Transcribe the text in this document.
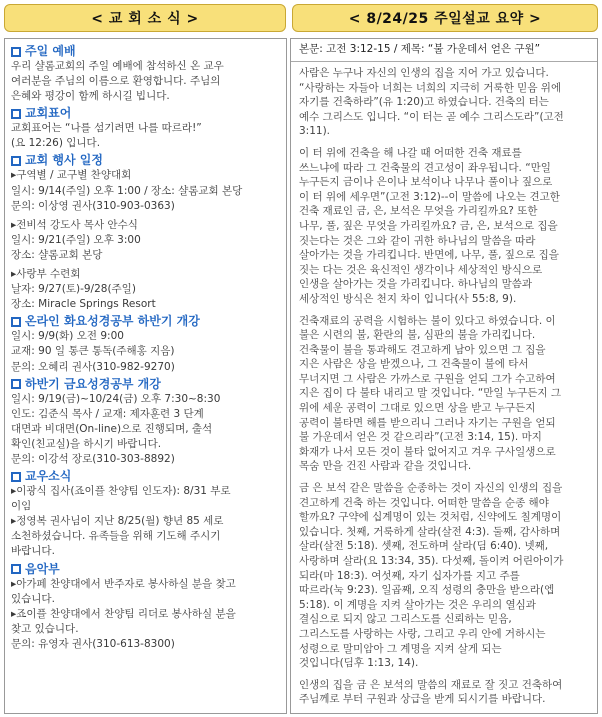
< 교 회 소 식 >	< 8/24/25 주일설교 요약 >
주일 예배
우리 샬롬교회의 주일 예배에 참석하신 온 교우
여러분을 주님의 이름으로 환영합니다. 주님의
은혜와 평강이 함께 하시길 빕니다.
교회표어
교회표어는 “나를 섬기려면 나를 따르라!”
(요 12:26) 입니다.
교회 행사 일정
▸구역별 / 교구별 찬양대회
일시: 9/14(주일) 오후 1:00 / 장소: 샬롬교회 본당
문의: 이상영 권사(310-903-0363)
▸전비석 강도사 목사 안수식
일시: 9/21(주일) 오후 3:00
장소: 샬롬교회 본당
▸사랑부 수련회
날자: 9/27(토)-9/28(주일)
장소: Miracle Springs Resort
온라인 화요성경공부 하반기 개강
일시: 9/9(화) 오전 9:00
교재: 90 일 통큰 통독(주해홍 지음)
문의: 오혜리 권사(310-982-9270)
하반기 금요성경공부 개강
일시: 9/19(금)~10/24(금) 오후 7:30~8:30
인도: 김준식 목사 / 교재: 제자훈련 3 단계
대면과 비대면(On-line)으로 진행되며, 출석
확인(친교실)을 하시기 바랍니다.
문의: 이강석 장로(310-303-8892)
교우소식
▸이광식 집사(죠이플 찬양팀 인도자): 8/31 부로
이임
▸정영복 권사님이 지난 8/25(월) 향년 85 세로
소천하셨습니다. 유족들을 위해 기도해 주시기
바랍니다.
음악부
▸아가페 찬양대에서 반주자로 봉사하실 분을 찾고
있습니다.
▸죠이플 찬양대에서 찬양팀 리더로 봉사하실 분을
찾고 있습니다.
문의: 유영자 권사(310-613-8300)
본문: 고전 3:12-15 / 제목: “불 가운데서 얻은 구원”
사람은 누구나 자신의 인생의 집을 지어 가고 있습니다.
“사랑하는 자들아 너희는 너희의 지극히 거룩한 믿음 위에
자기를 건축하라”(유 1:20)고 하였습니다. 건축의 터는
예수 그리스도 입니다. “이 터는 곧 예수 그리스도라”(고전
3:11).
이 터 위에 건축을 해 나갈 때 어떠한 건축 재료를
쓰느냐에 따라 그 건축물의 견고성이 좌우됩니다. “만일
누구든지 금이나 은이나 보석이나 나무나 풀이나 짚으로
이 터 위에 세우면”(고전 3:12)--이 말씀에 나오는 견고한
건축 재료인 금, 은, 보석은 무엇을 가리킬까요? 또한
나무, 풀, 짚은 무엇을 가리킬까요? 금, 은, 보석으로 집을
짓는다는 것은 그와 같이 귀한 하나님의 말씀을 따라
살아가는 것을 가리킵니다. 반면에, 나무, 풀, 짚으로 집을
짓는 다는 것은 육신적인 생각이나 세상적인 방식으로
인생을 살아가는 것을 가리킵니다. 하나님의 말씀과
세상적인 방식은 천지 차이 입니다(사 55:8, 9).
건축재료의 공력을 시험하는 불이 있다고 하였습니다. 이
불은 시련의 불, 환란의 불, 심판의 불을 가리킵니다.
건축물이 불을 통과해도 견고하게 남아 있으면 그 집을
지은 사람은 상을 받겠으나, 그 건축물이 불에 타서
무너지면 그 사람은 가까스로 구원을 얻되 그가 수고하여
지은 집이 다 불타 내리고 말 것입니다. “만일 누구든지 그
위에 세운 공력이 그대로 있으면 상을 받고 누구든지
공력이 불타면 해를 받으리니 그러나 자기는 구원을 얻되
불 가운데서 얻은 것 같으리라”(고전 3:14, 15). 마지
화재가 나서 모든 것이 불타 없어지고 겨우 구사일생으로
목숨 만을 건진 사람과 같을 것입니다.
금 은 보석 같은 말씀을 순종하는 것이 자신의 인생의 집을
견고하게 건축 하는 것입니다. 어떠한 말씀을 순종 해야
할까요? 구약에 십계명이 있는 것처럼, 신약에도 칠계명이
있습니다. 첫째, 거룩하게 살라(살전 4:3). 둘째, 감사하며
살라(살전 5:18). 셋째, 전도하며 살라(딤 6:40). 넷째,
사랑하며 살라(요 13:34, 35). 다섯째, 돌이켜 어린아이가
되라(마 18:3). 여섯째, 자기 십자가를 지고 주를
따르라(눅 9:23). 일곱째, 오직 성령의 충만을 받으라(엡
5:18). 이 계명을 지켜 살아가는 것은 우리의 열심과
결심으로 되지 않고 그리스도를 신뢰하는 믿음,
그리스도를 사랑하는 사랑, 그리고 우리 안에 거하시는
성령으로 말미암아 그 계명을 지켜 살게 되는
것입니다(딤후 1:13, 14).
인생의 집을 금 은 보석의 말씀의 재료로 잘 짓고 건축하여
주님께로 부터 구원과 상급을 받게 되시기를 바랍니다.
